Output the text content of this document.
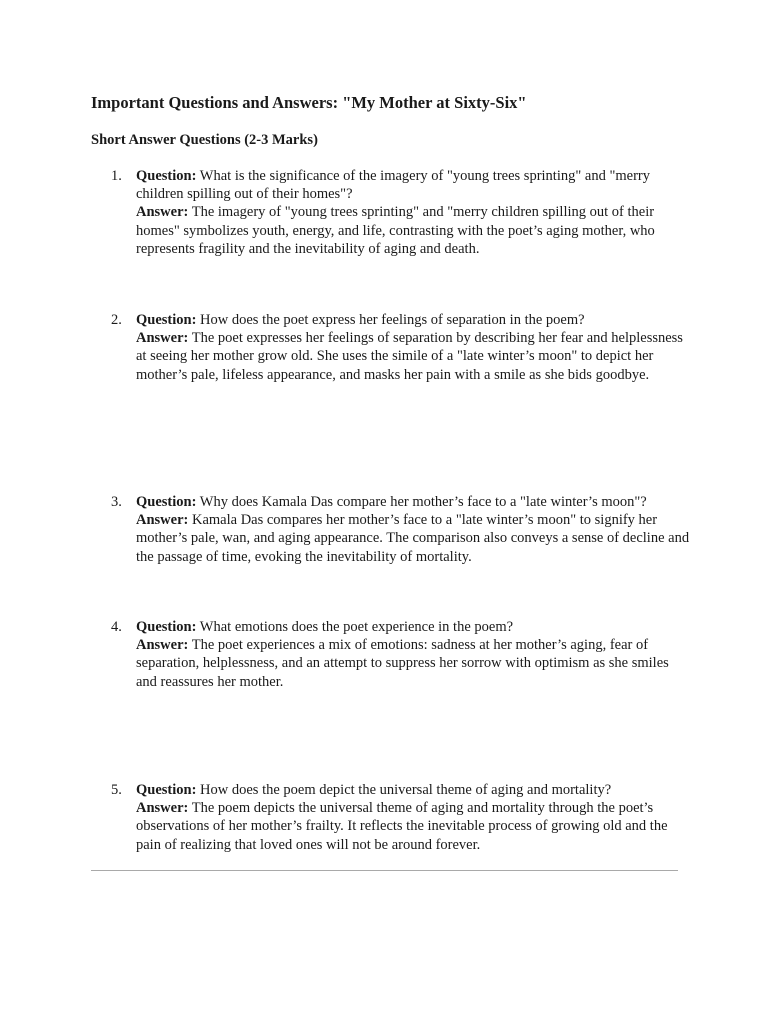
Important Questions and Answers: "My Mother at Sixty-Six"
Short Answer Questions (2-3 Marks)
1. Question: What is the significance of the imagery of "young trees sprinting" and "merry children spilling out of their homes"?
Answer: The imagery of "young trees sprinting" and "merry children spilling out of their homes" symbolizes youth, energy, and life, contrasting with the poet’s aging mother, who represents fragility and the inevitability of aging and death.
2. Question: How does the poet express her feelings of separation in the poem?
Answer: The poet expresses her feelings of separation by describing her fear and helplessness at seeing her mother grow old. She uses the simile of a "late winter’s moon" to depict her mother’s pale, lifeless appearance, and masks her pain with a smile as she bids goodbye.
3. Question: Why does Kamala Das compare her mother’s face to a "late winter’s moon"?
Answer: Kamala Das compares her mother’s face to a "late winter’s moon" to signify her mother’s pale, wan, and aging appearance. The comparison also conveys a sense of decline and the passage of time, evoking the inevitability of mortality.
4. Question: What emotions does the poet experience in the poem?
Answer: The poet experiences a mix of emotions: sadness at her mother’s aging, fear of separation, helplessness, and an attempt to suppress her sorrow with optimism as she smiles and reassures her mother.
5. Question: How does the poem depict the universal theme of aging and mortality?
Answer: The poem depicts the universal theme of aging and mortality through the poet’s observations of her mother’s frailty. It reflects the inevitable process of growing old and the pain of realizing that loved ones will not be around forever.
